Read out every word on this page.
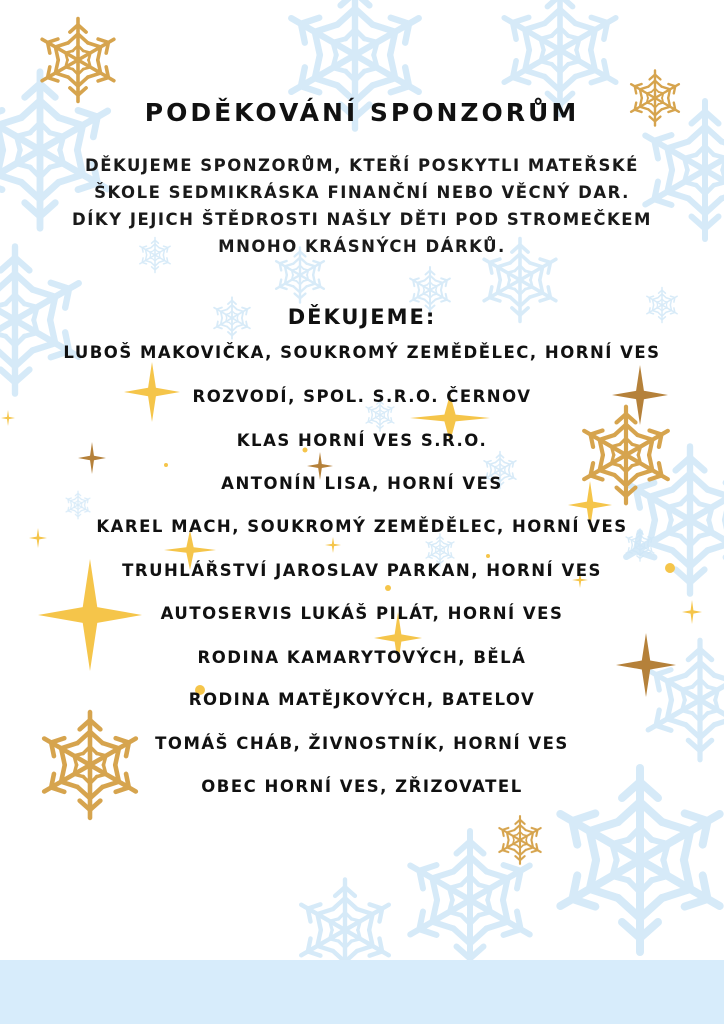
PODĚKOVÁNÍ SPONZORŮM
DĚKUJEME SPONZORŮM, KTEŘÍ POSKYTLI MATEŘSKÉ
ŠKOLE SEDMIKRÁSKA FINANČNÍ NEBO VĚCNÝ DAR.
DÍKY JEJICH ŠTĚDROSTI NAŠLY DĚTI POD STROMEČKEM
MNOHO KRÁSNÝCH DÁRKŮ.
DĚKUJEME:
LUBOŠ MAKOVIČKA, SOUKROMÝ ZEMĚDĚLEC, HORNÍ VES
ROZVODÍ, SPOL. S.R.O. ČERNOV
KLAS HORNÍ VES S.R.O.
ANTONÍN LISA, HORNÍ VES
KAREL MACH, SOUKROMÝ ZEMĚDĚLEC, HORNÍ VES
TRUHLÁŘSTVÍ JAROSLAV PARKAN, HORNÍ VES
AUTOSERVIS LUKÁŠ PILÁT, HORNÍ VES
RODINA KAMARYTOVÝCH, BĚLÁ
RODINA MATĚJKOVÝCH, BATELOV
TOMÁŠ CHÁB, ŽIVNOSTNÍK, HORNÍ VES
OBEC HORNÍ VES, ZŘIZOVATEL
